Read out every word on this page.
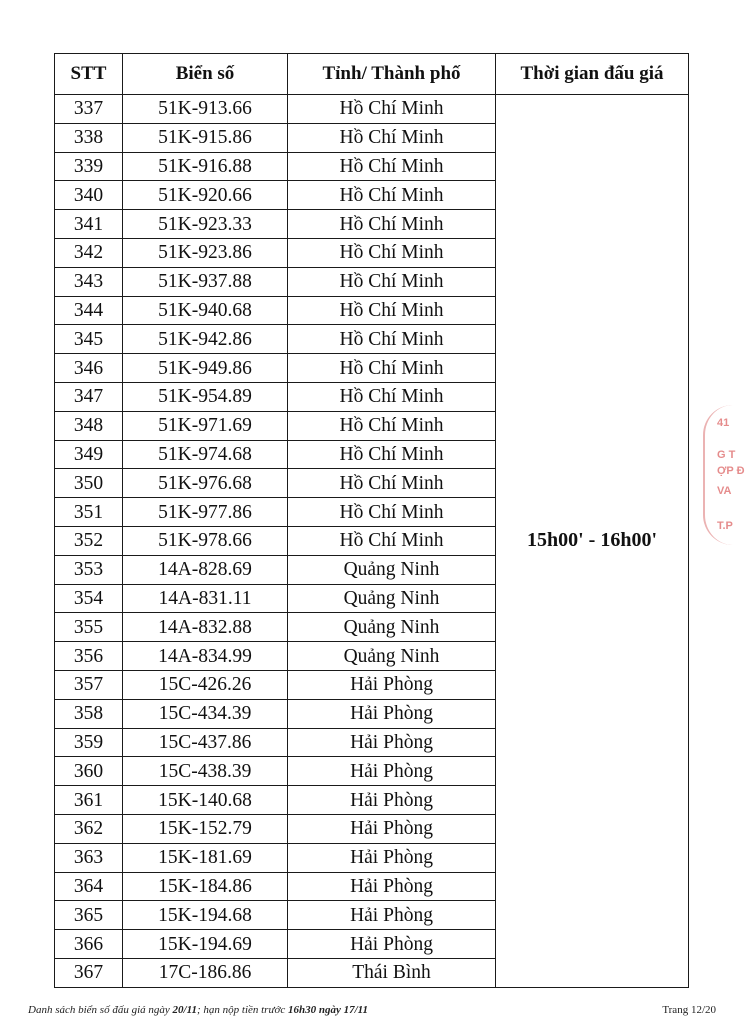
STT	Biển số	Tỉnh/ Thành phố	Thời gian đấu giá
337	51K-913.66	Hồ Chí Minh	15h00' - 16h00'
338	51K-915.86	Hồ Chí Minh	
339	51K-916.88	Hồ Chí Minh	
340	51K-920.66	Hồ Chí Minh	
341	51K-923.33	Hồ Chí Minh	
342	51K-923.86	Hồ Chí Minh	
343	51K-937.88	Hồ Chí Minh	
344	51K-940.68	Hồ Chí Minh	
345	51K-942.86	Hồ Chí Minh	
346	51K-949.86	Hồ Chí Minh	
347	51K-954.89	Hồ Chí Minh	
348	51K-971.69	Hồ Chí Minh	
349	51K-974.68	Hồ Chí Minh	
350	51K-976.68	Hồ Chí Minh	
351	51K-977.86	Hồ Chí Minh	
352	51K-978.66	Hồ Chí Minh	
353	14A-828.69	Quảng Ninh	
354	14A-831.11	Quảng Ninh	
355	14A-832.88	Quảng Ninh	
356	14A-834.99	Quảng Ninh	
357	15C-426.26	Hải Phòng	
358	15C-434.39	Hải Phòng	
359	15C-437.86	Hải Phòng	
360	15C-438.39	Hải Phòng	
361	15K-140.68	Hải Phòng	
362	15K-152.79	Hải Phòng	
363	15K-181.69	Hải Phòng	
364	15K-184.86	Hải Phòng	
365	15K-194.68	Hải Phòng	
366	15K-194.69	Hải Phòng	
367	17C-186.86	Thái Bình	
41
G T
ỢP Đ
VA
T.P
Danh sách biển số đấu giá ngày 20/11; hạn nộp tiền trước 16h30 ngày 17/11	Trang 12/20
